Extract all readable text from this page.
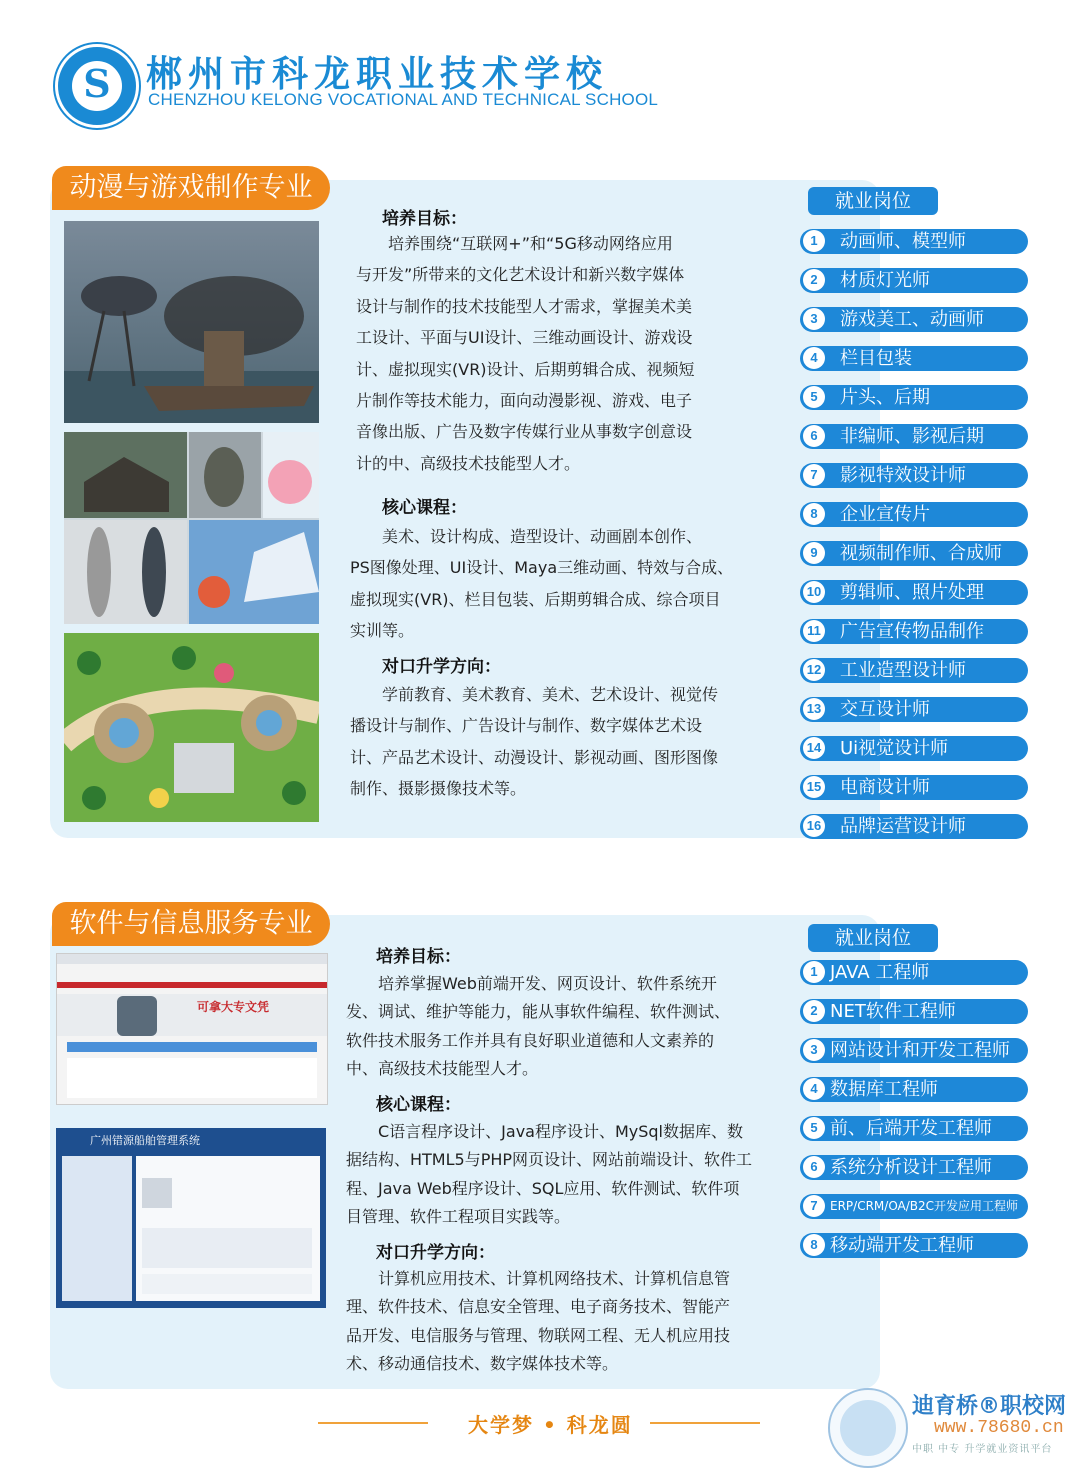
S 郴州市科龙职业技术学校
CHENZHOU KELONG VOCATIONAL AND TECHNICAL SCHOOL
动漫与游戏制作专业
培养目标：
　　培养围绕“互联网+”和“5G移动网络应用
与开发”所带来的文化艺术设计和新兴数字媒体
设计与制作的技术技能型人才需求，掌握美术美
工设计、平面与UI设计、三维动画设计、游戏设
计、虚拟现实(VR)设计、后期剪辑合成、视频短
片制作等技术能力，面向动漫影视、游戏、电子
音像出版、广告及数字传媒行业从事数字创意设
计的中、高级技术技能型人才。
核心课程：
　　美术、设计构成、造型设计、动画剧本创作、
PS图像处理、UI设计、Maya三维动画、特效与合成、
虚拟现实(VR)、栏目包装、后期剪辑合成、综合项目
实训等。
对口升学方向：
　　学前教育、美术教育、美术、艺术设计、视觉传
播设计与制作、广告设计与制作、数字媒体艺术设
计、产品艺术设计、动漫设计、影视动画、图形图像
制作、摄影摄像技术等。
就业岗位
1	动画师、模型师
2	材质灯光师
3	游戏美工、动画师
4	栏目包装
5	片头、后期
6	非编师、影视后期
7	影视特效设计师
8	企业宣传片
9	视频制作师、合成师
10 剪辑师、照片处理
11 广告宣传物品制作
12 工业造型设计师
13 交互设计师
14 Ui视觉设计师
15 电商设计师
16 品牌运营设计师
软件与信息服务专业
可拿大专文凭
广州错源船舶管理系统
培养目标：
　　培养掌握Web前端开发、网页设计、软件系统开
发、调试、维护等能力，能从事软件编程、软件测试、
软件技术服务工作并具有良好职业道德和人文素养的
中、高级技术技能型人才。
核心课程：
　　C语言程序设计、Java程序设计、MySql数据库、数
据结构、HTML5与PHP网页设计、网站前端设计、软件工
程、Java Web程序设计、SQL应用、软件测试、软件项
目管理、软件工程项目实践等。
对口升学方向：
　　计算机应用技术、计算机网络技术、计算机信息管
理、软件技术、信息安全管理、电子商务技术、智能产
品开发、电信服务与管理、物联网工程、无人机应用技
术、移动通信技术、数字媒体技术等。
就业岗位
1 JAVA 工程师
2 NET软件工程师
3 网站设计和开发工程师
4 数据库工程师
5 前、后端开发工程师
6 系统分析设计工程师
7	ERP/CRM/OA/B2C开发应用工程师
8 移动端开发工程师
大学梦 • 科龙圆
迪育桥®职校网
www.78680.cn
中职 中专 升学就业资讯平台
